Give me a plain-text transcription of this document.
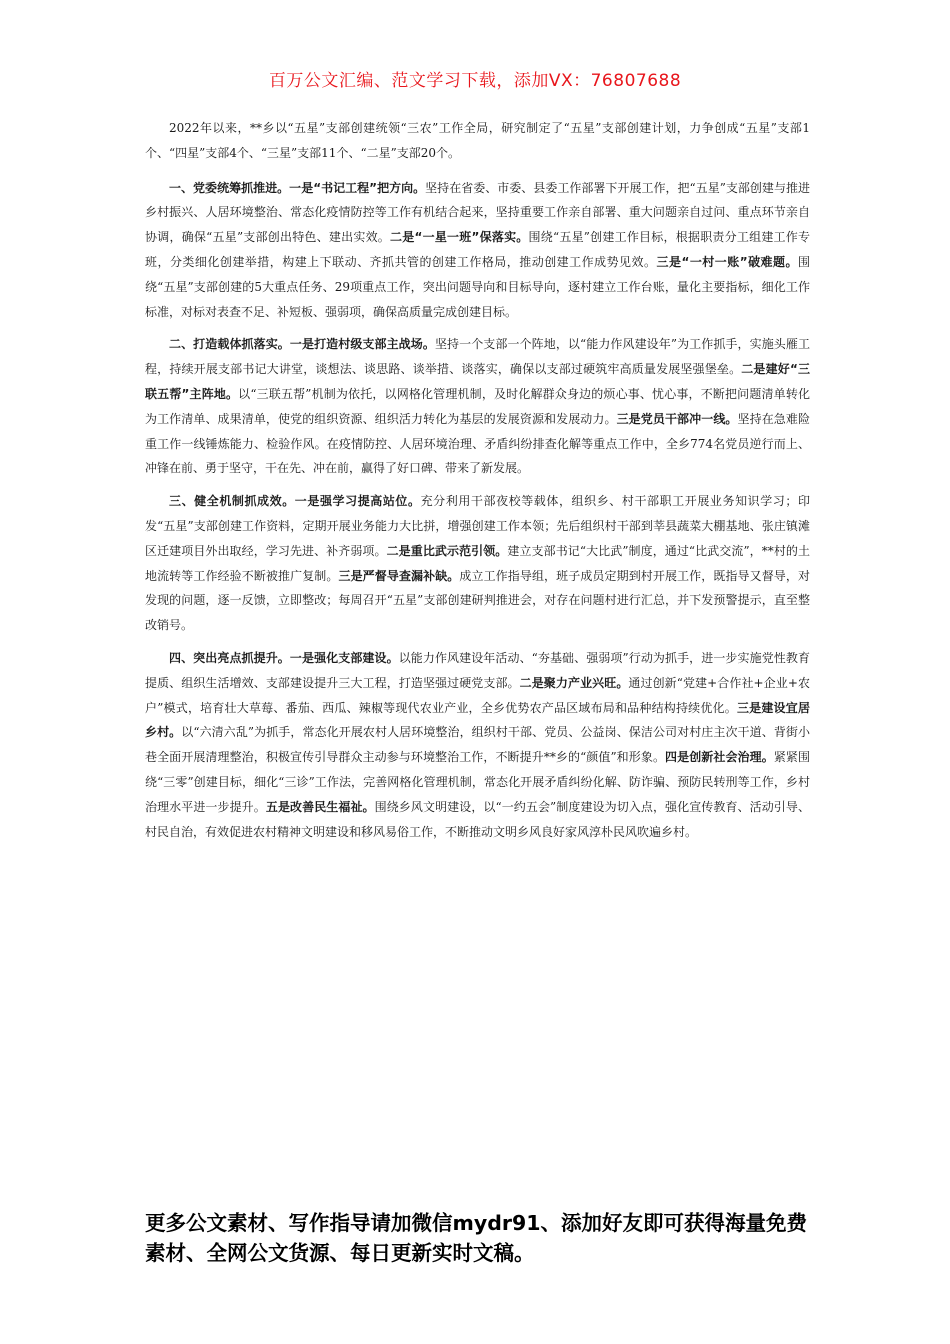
百万公文汇编、范文学习下载，添加VX：76807688

2022年以来，**乡以“五星”支部创建统领“三农”工作全局，研究制定了“五星”支部创建计划，力争创成“五星”支部1个、“四星”支部4个、“三星”支部11个、“二星”支部20个。

一、党委统筹抓推进。一是“书记工程”把方向。坚持在省委、市委、县委工作部署下开展工作，把“五星”支部创建与推进乡村振兴、人居环境整治、常态化疫情防控等工作有机结合起来，坚持重要工作亲自部署、重大问题亲自过问、重点环节亲自协调，确保“五星”支部创出特色、建出实效。二是“一星一班”保落实。围绕“五星”创建工作目标，根据职责分工组建工作专班，分类细化创建举措，构建上下联动、齐抓共管的创建工作格局，推动创建工作成势见效。三是“一村一账”破难题。围绕“五星”支部创建的5大重点任务、29项重点工作，突出问题导向和目标导向，逐村建立工作台账，量化主要指标，细化工作标准，对标对表查不足、补短板、强弱项，确保高质量完成创建目标。

二、打造载体抓落实。一是打造村级支部主战场。坚持一个支部一个阵地，以“能力作风建设年”为工作抓手，实施头雁工程，持续开展支部书记大讲堂，谈想法、谈思路、谈举措、谈落实，确保以支部过硬筑牢高质量发展坚强堡垒。二是建好“三联五帮”主阵地。以“三联五帮”机制为依托，以网格化管理机制，及时化解群众身边的烦心事、忧心事，不断把问题清单转化为工作清单、成果清单，使党的组织资源、组织活力转化为基层的发展资源和发展动力。三是党员干部冲一线。坚持在急难险重工作一线锤炼能力、检验作风。在疫情防控、人居环境治理、矛盾纠纷排查化解等重点工作中，全乡774名党员逆行而上、冲锋在前、勇于坚守，干在先、冲在前，赢得了好口碑、带来了新发展。

三、健全机制抓成效。一是强学习提高站位。充分利用干部夜校等载体，组织乡、村干部职工开展业务知识学习；印发“五星”支部创建工作资料，定期开展业务能力大比拼，增强创建工作本领；先后组织村干部到莘县蔬菜大棚基地、张庄镇滩区迁建项目外出取经，学习先进、补齐弱项。二是重比武示范引领。建立支部书记“大比武”制度，通过“比武交流”，**村的土地流转等工作经验不断被推广复制。三是严督导查漏补缺。成立工作指导组，班子成员定期到村开展工作，既指导又督导，对发现的问题，逐一反馈，立即整改；每周召开“五星”支部创建研判推进会，对存在问题村进行汇总，并下发预警提示，直至整改销号。

四、突出亮点抓提升。一是强化支部建设。以能力作风建设年活动、“夯基础、强弱项”行动为抓手，进一步实施党性教育提质、组织生活增效、支部建设提升三大工程，打造坚强过硬党支部。二是聚力产业兴旺。通过创新“党建+合作社+企业+农户”模式，培育壮大草莓、番茄、西瓜、辣椒等现代农业产业，全乡优势农产品区域布局和品种结构持续优化。三是建设宜居乡村。以“六清六乱”为抓手，常态化开展农村人居环境整治，组织村干部、党员、公益岗、保洁公司对村庄主次干道、背街小巷全面开展清理整治，积极宣传引导群众主动参与环境整治工作，不断提升**乡的“颜值”和形象。四是创新社会治理。紧紧围绕“三零”创建目标，细化“三诊”工作法，完善网格化管理机制，常态化开展矛盾纠纷化解、防诈骗、预防民转刑等工作，乡村治理水平进一步提升。五是改善民生福祉。围绕乡风文明建设，以“一约五会”制度建设为切入点，强化宣传教育、活动引导、村民自治，有效促进农村精神文明建设和移风易俗工作，不断推动文明乡风良好家风淳朴民风吹遍乡村。

更多公文素材、写作指导请加微信mydr91、添加好友即可获得海量免费素材、全网公文货源、每日更新实时文稿。
